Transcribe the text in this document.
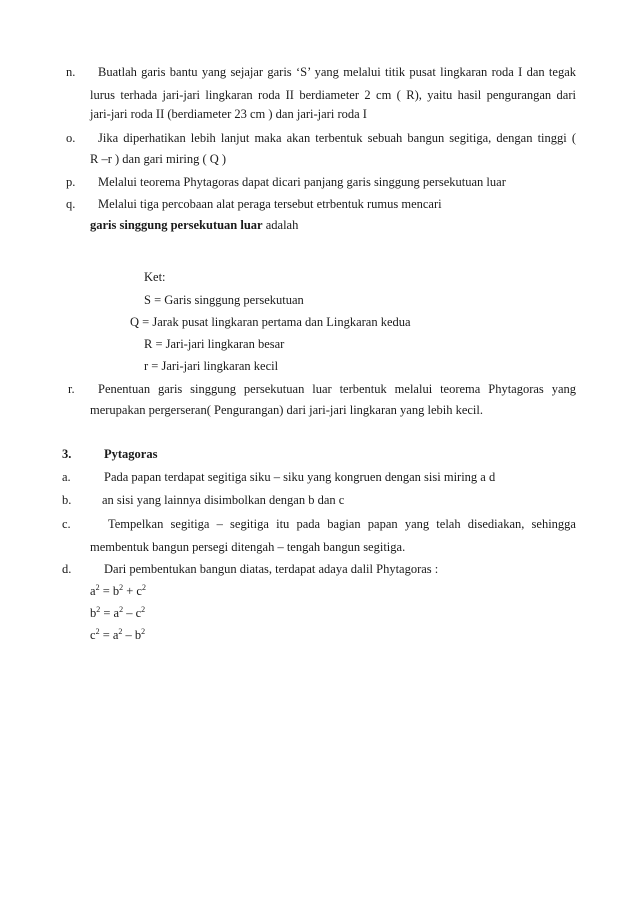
n. Buatlah garis bantu yang sejajar garis ‘S’ yang melalui titik pusat lingkaran roda I dan tegak
lurus terhada jari-jari lingkaran roda II berdiameter 2 cm ( R), yaitu hasil pengurangan dari
jari-jari roda II (berdiameter 23 cm ) dan jari-jari roda I
o. Jika diperhatikan lebih lanjut maka akan terbentuk sebuah bangun segitiga, dengan tinggi (
R –r ) dan gari miring ( Q )
p. Melalui teorema Phytagoras dapat dicari panjang garis singgung persekutuan luar
q. Melalui tiga percobaan alat peraga tersebut etrbentuk rumus mencari
garis singgung persekutuan luar adalah
Ket:
S = Garis singgung persekutuan
Q = Jarak pusat lingkaran pertama dan Lingkaran kedua
R = Jari-jari lingkaran besar
r = Jari-jari lingkaran kecil
r. Penentuan garis singgung persekutuan luar terbentuk melalui teorema Phytagoras yang
merupakan pergerseran( Pengurangan) dari jari-jari lingkaran yang lebih kecil.
3.	Pytagoras
a.	Pada papan terdapat segitiga siku – siku yang kongruen dengan sisi miring a d
b. an sisi yang lainnya disimbolkan dengan b dan c
c.	Tempelkan segitiga – segitiga itu pada bagian papan yang telah disediakan, sehingga
membentuk bangun persegi ditengah – tengah bangun segitiga.
d.	Dari pembentukan bangun diatas, terdapat adaya dalil Phytagoras :
$a^2 = b^2 + c^2$
$b^2 = a^2 - c^2$
$c^2 = a^2 - b^2$
